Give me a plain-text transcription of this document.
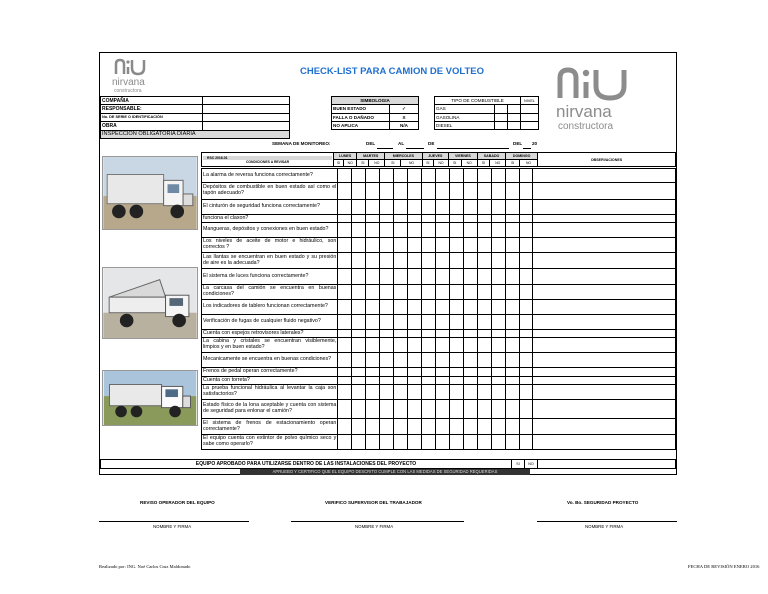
nirvana
constructora
CHECK-LIST PARA CAMION DE VOLTEO
nirvana
constructora
COMPAÑIA	
RESPONSABLE:	
No. DE SERIE O IDENTIFICACIÓN	
OBRA	
INSPECCIÓN OBLIGATORIA DIARIA	
SIMBOLOGIA	
BUEN ESTADO	✓
FALLA O DAÑADO	X
NO APLICA	N/A
TIPO DE COMBUSTIBLE			NIVEL
GAS			
GASOLINA			
DIESEL			
SEMANA DE MONITOREO:	DEL	AL	DE	DEL 20
RSC 2016-01
CONDICIONES A REVISAR	LUNES		MARTES		MIERCOLES		JUEVES		VIERNES		SABADO		DOMINGO		OBSERVACIONES
	SI	NO	SI	NO	SI	NO	SI	NO	SI	NO	SI	NO	SI	NO	
La alarma de reversa funciona correctamente?															
Depósitos de combustible en buen estado así como el tapón adecuado?															
El cinturón de seguridad funciona correctamente?															
funciona el claxon?															
Mangueras, depósitos y conexiones en buen estado?															
Los niveles de aceite de motor e hidráulico, son correctos ?															
Las llantas se encuentran en buen estado y su presión de aire es la adecuada?															
El sistema de luces funciona correctamente?															
La carcasa del camión se encuentra en buenas condiciones?															
Los indicadores de tablero funcionan correctamente?															
Verificación de fugas de cualquier fluido negativo?															
Cuenta con espejos retrovisores laterales?															
La cabina y cristales se encuentran visiblemente, limpios y en buen estado?															
Mecanicamente se encuentra en buenas condiciones?															
Frenos de pedal operan correctamente?															
Cuenta con torreta?															
La prueba funcional hidráulica al levantar la caja son satisfactorios?															
Estado físico de la lona aceptable y cuenta con sistema de seguridad para enlonar el camión?															
El sistema de frenos de estacionamiento operan correctamente?															
El equipo cuenta con extintor de polvo químico seco y sabe como operarlo?															
EQUIPO APROBADO PARA UTILIZARSE DENTRO DE LAS INSTALACIONES DEL PROYECTO	SI	NO	
APRUEBO Y CERTIFICO QUE EL EQUIPO DESCRITO CUMPLE CON LAS MEDIDAS DE SEGURIDAD REQUERIDAS
REVISO OPERADOR DEL EQUIPO
NOMBRE Y FIRMA
VERIFICO SUPERVISOR DEL TRABAJADOR
NOMBRE Y FIRMA
Vo. Bo. SEGURIDAD PROYECTO
NOMBRE Y FIRMA
Realizado por: ING. Noé Carlos Cruz Maldonado	FECHA DE REVISIÓN ENERO 2016
